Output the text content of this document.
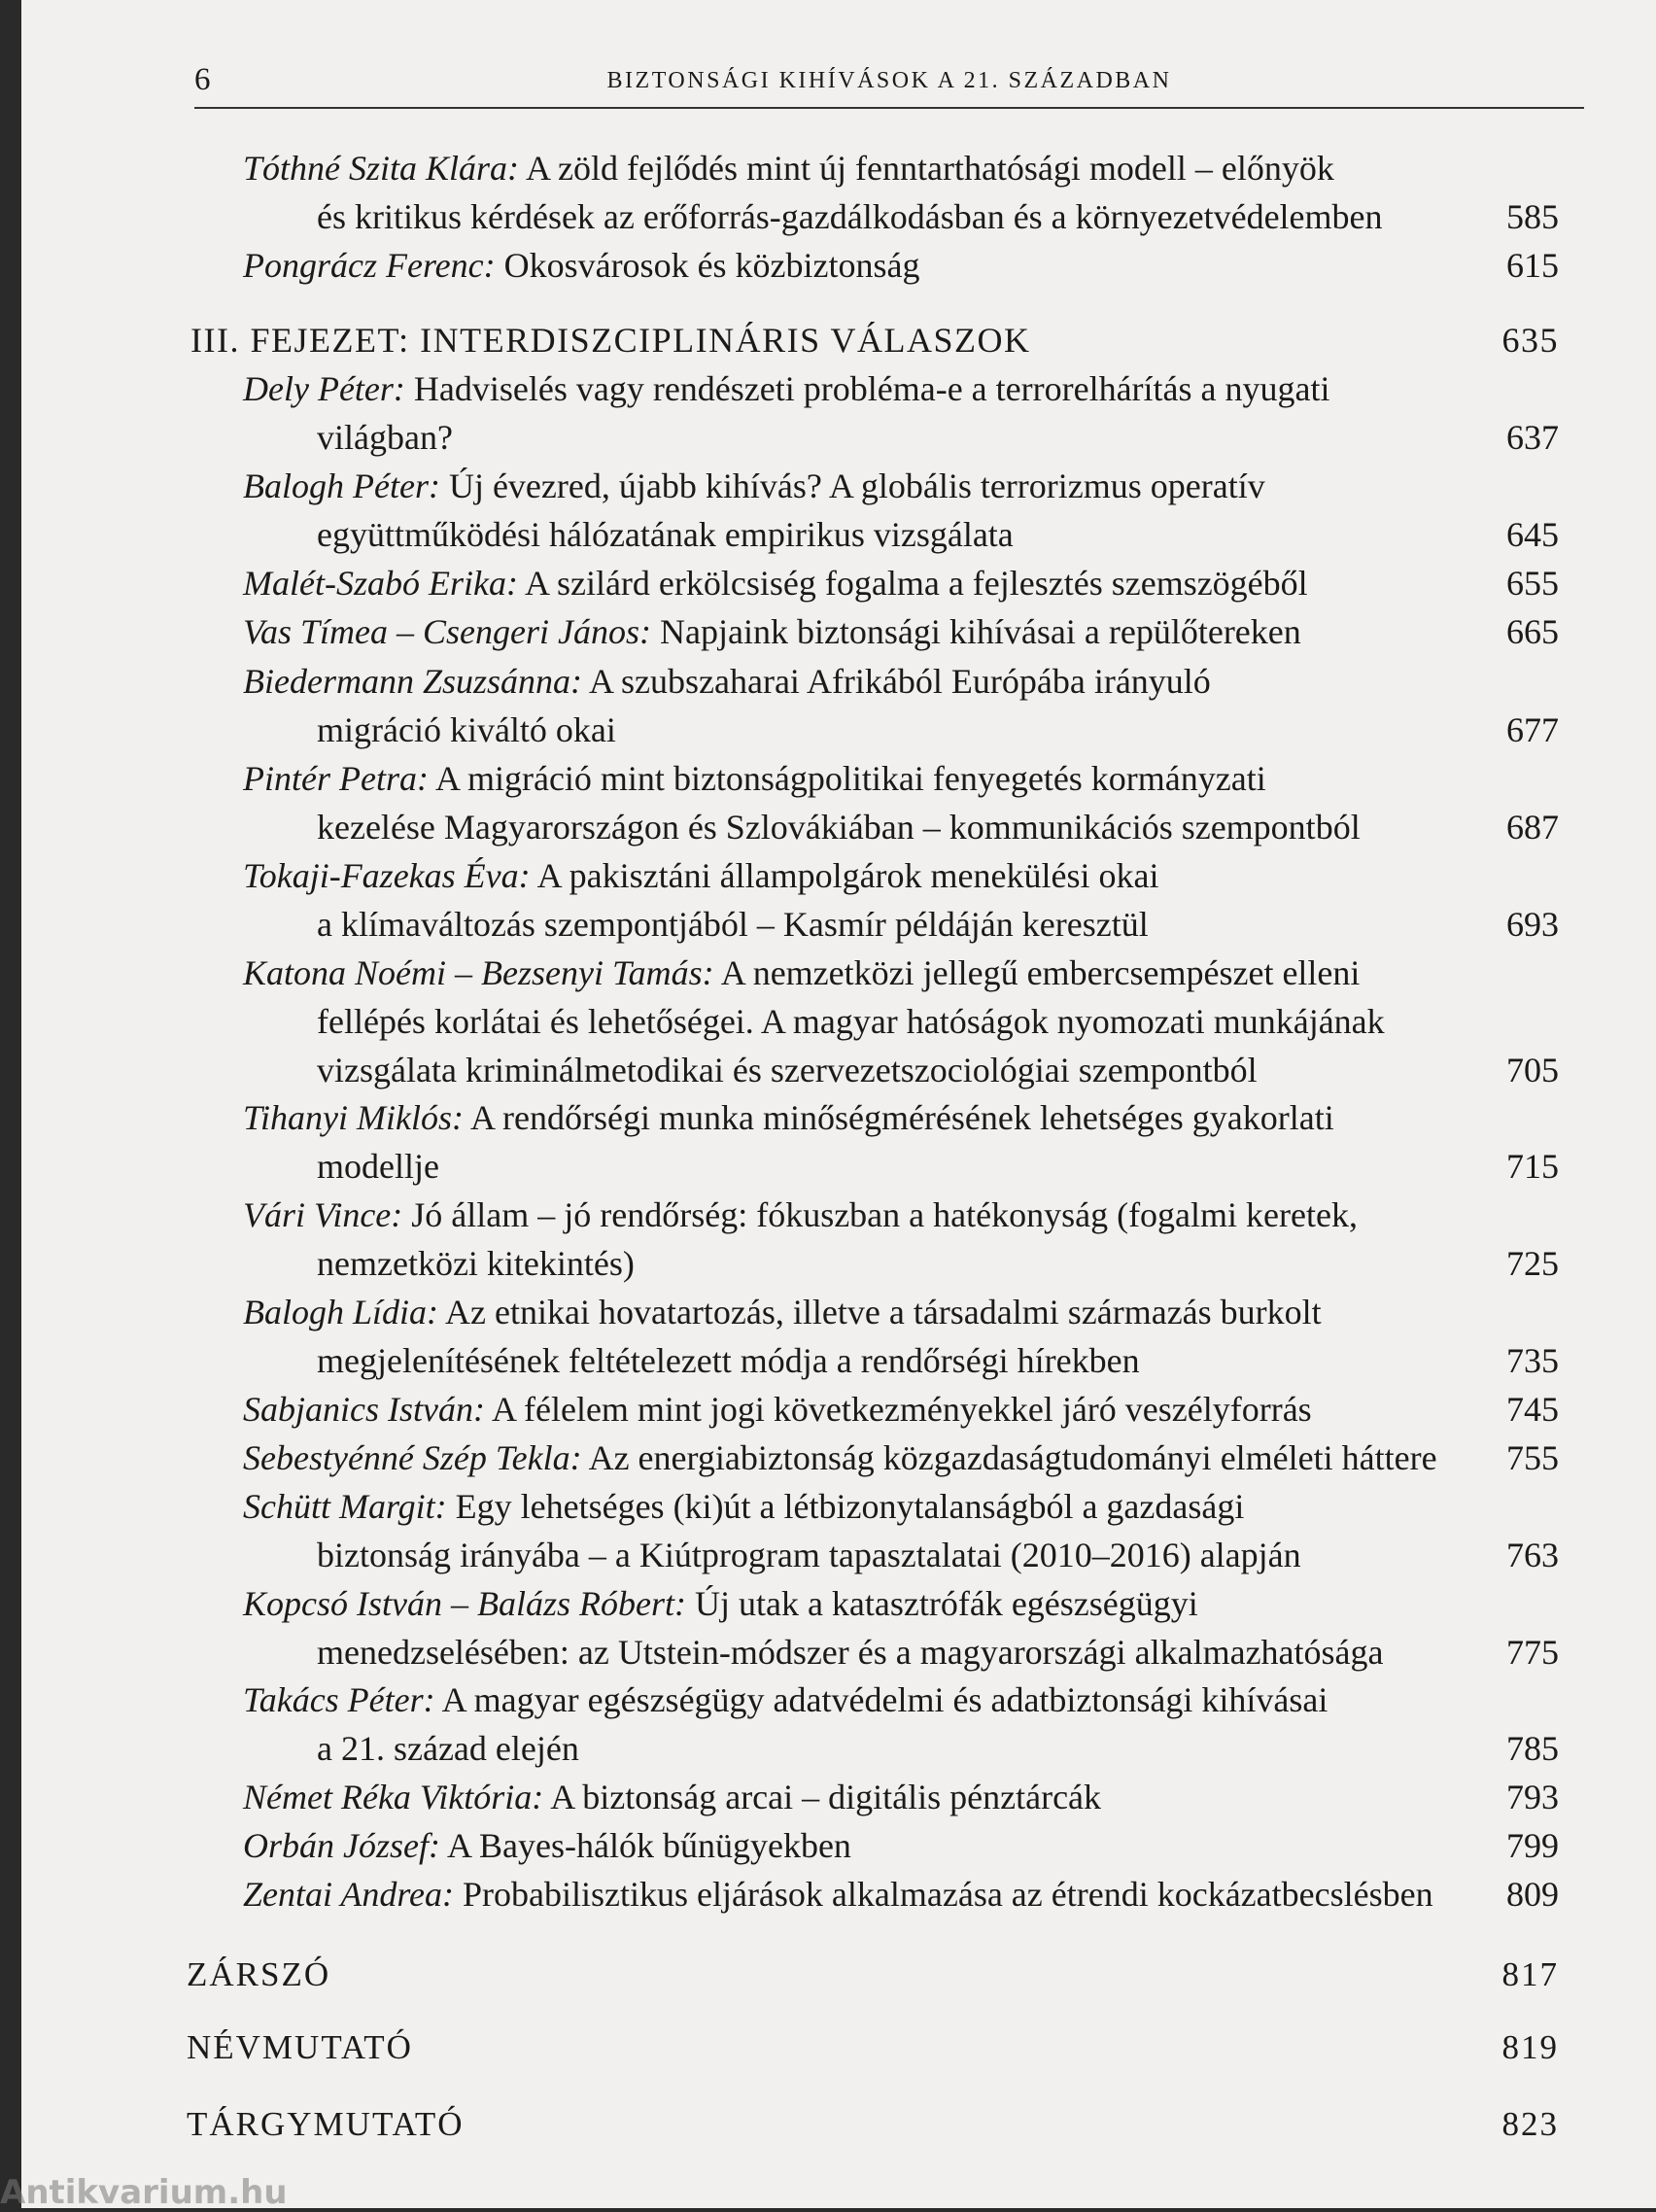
6	BIZTONSÁGI KIHÍVÁSOK A 21. SZÁZADBAN
Tóthné Szita Klára: A zöld fejlődés mint új fenntarthatósági modell – előnyök
és kritikus kérdések az erőforrás-gazdálkodásban és a környezetvédelemben	585
Pongrácz Ferenc: Okosvárosok és közbiztonság	615
III. FEJEZET: INTERDISZCIPLINÁRIS VÁLASZOK	635
Dely Péter: Hadviselés vagy rendészeti probléma-e a terrorelhárítás a nyugati
világban?	637
Balogh Péter: Új évezred, újabb kihívás? A globális terrorizmus operatív
együttműködési hálózatának empirikus vizsgálata	645
Malét-Szabó Erika: A szilárd erkölcsiség fogalma a fejlesztés szemszögéből	655
Vas Tímea – Csengeri János: Napjaink biztonsági kihívásai a repülőtereken	665
Biedermann Zsuzsánna: A szubszaharai Afrikából Európába irányuló
migráció kiváltó okai	677
Pintér Petra: A migráció mint biztonságpolitikai fenyegetés kormányzati
kezelése Magyarországon és Szlovákiában – kommunikációs szempontból	687
Tokaji-Fazekas Éva: A pakisztáni állampolgárok menekülési okai
a klímaváltozás szempontjából – Kasmír példáján keresztül	693
Katona Noémi – Bezsenyi Tamás: A nemzetközi jellegű embercsempészet elleni
fellépés korlátai és lehetőségei. A magyar hatóságok nyomozati munkájának
vizsgálata kriminálmetodikai és szervezetszociológiai szempontból	705
Tihanyi Miklós: A rendőrségi munka minőségmérésének lehetséges gyakorlati
modellje	715
Vári Vince: Jó állam – jó rendőrség: fókuszban a hatékonyság (fogalmi keretek,
nemzetközi kitekintés)	725
Balogh Lídia: Az etnikai hovatartozás, illetve a társadalmi származás burkolt
megjelenítésének feltételezett módja a rendőrségi hírekben	735
Sabjanics István: A félelem mint jogi következményekkel járó veszélyforrás	745
Sebestyénné Szép Tekla: Az energiabiztonság közgazdaságtudományi elméleti háttere 755
Schütt Margit: Egy lehetséges (ki)út a létbizonytalanságból a gazdasági
biztonság irányába – a Kiútprogram tapasztalatai (2010–2016) alapján	763
Kopcsó István – Balázs Róbert: Új utak a katasztrófák egészségügyi
menedzselésében: az Utstein-módszer és a magyarországi alkalmazhatósága	775
Takács Péter: A magyar egészségügy adatvédelmi és adatbiztonsági kihívásai
a 21. század elején	785
Német Réka Viktória: A biztonság arcai – digitális pénztárcák	793
Orbán József: A Bayes-hálók bűnügyekben	799
Zentai Andrea: Probabilisztikus eljárások alkalmazása az étrendi kockázatbecslésben 809
ZÁRSZÓ	817
NÉVMUTATÓ	819
TÁRGYMUTATÓ	823
Antikvarium.hu
